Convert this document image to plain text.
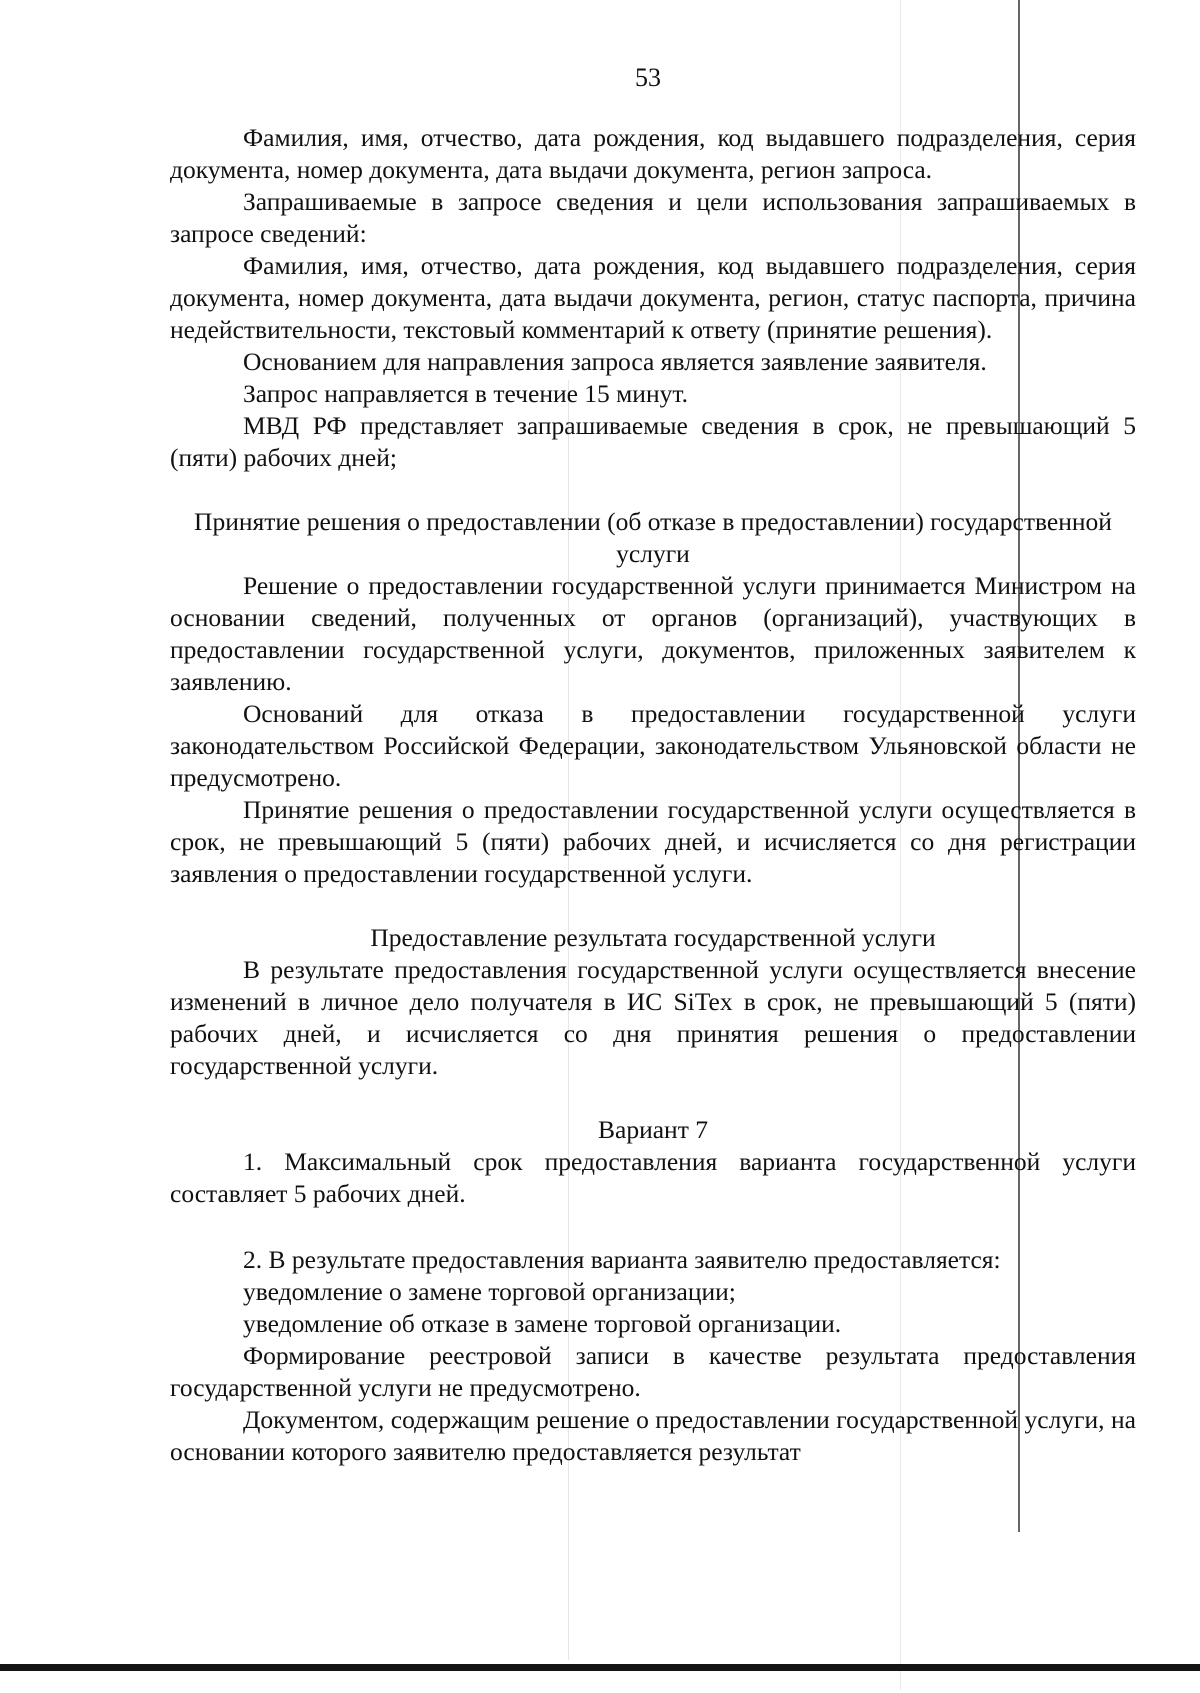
53

Фамилия, имя, отчество, дата рождения, код выдавшего подразделения, серия документа, номер документа, дата выдачи документа, регион запроса.

Запрашиваемые в запросе сведения и цели использования запрашиваемых в запросе сведений:

Фамилия, имя, отчество, дата рождения, код выдавшего подразделения, серия документа, номер документа, дата выдачи документа, регион, статус паспорта, причина недействительности, текстовый комментарий к ответу (принятие решения).

Основанием для направления запроса является заявление заявителя.

Запрос направляется в течение 15 минут.

МВД РФ представляет запрашиваемые сведения в срок, не превышающий 5 (пяти) рабочих дней;

Принятие решения о предоставлении (об отказе в предоставлении) государственной услуги

Решение о предоставлении государственной услуги принимается Министром на основании сведений, полученных от органов (организаций), участвующих в предоставлении государственной услуги, документов, приложенных заявителем к заявлению.

Оснований для отказа в предоставлении государственной услуги законодательством Российской Федерации, законодательством Ульяновской области не предусмотрено.

Принятие решения о предоставлении государственной услуги осуществляется в срок, не превышающий 5 (пяти) рабочих дней, и исчисляется со дня регистрации заявления о предоставлении государственной услуги.

Предоставление результата государственной услуги

В результате предоставления государственной услуги осуществляется внесение изменений в личное дело получателя в ИС SiTex в срок, не превышающий 5 (пяти) рабочих дней, и исчисляется со дня принятия решения о предоставлении государственной услуги.

Вариант 7

1. Максимальный срок предоставления варианта государственной услуги составляет 5 рабочих дней.

2. В результате предоставления варианта заявителю предоставляется:

уведомление о замене торговой организации;

уведомление об отказе в замене торговой организации.

Формирование реестровой записи в качестве результата предоставления государственной услуги не предусмотрено.

Документом, содержащим решение о предоставлении государственной услуги, на основании которого заявителю предоставляется результат
